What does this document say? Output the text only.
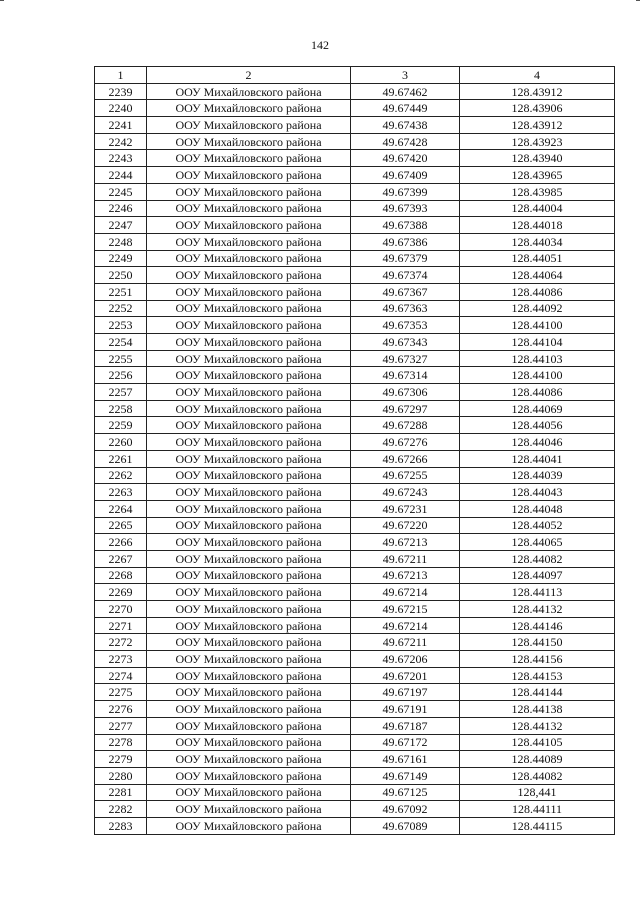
142
1	2	3	4
2239	ООУ Михайловского района	49.67462	128.43912
2240	ООУ Михайловского района	49.67449	128.43906
2241	ООУ Михайловского района	49.67438	128.43912
2242	ООУ Михайловского района	49.67428	128.43923
2243	ООУ Михайловского района	49.67420	128.43940
2244	ООУ Михайловского района	49.67409	128.43965
2245	ООУ Михайловского района	49.67399	128.43985
2246	ООУ Михайловского района	49.67393	128.44004
2247	ООУ Михайловского района	49.67388	128.44018
2248	ООУ Михайловского района	49.67386	128.44034
2249	ООУ Михайловского района	49.67379	128.44051
2250	ООУ Михайловского района	49.67374	128.44064
2251	ООУ Михайловского района	49.67367	128.44086
2252	ООУ Михайловского района	49.67363	128.44092
2253	ООУ Михайловского района	49.67353	128.44100
2254	ООУ Михайловского района	49.67343	128.44104
2255	ООУ Михайловского района	49.67327	128.44103
2256	ООУ Михайловского района	49.67314	128.44100
2257	ООУ Михайловского района	49.67306	128.44086
2258	ООУ Михайловского района	49.67297	128.44069
2259	ООУ Михайловского района	49.67288	128.44056
2260	ООУ Михайловского района	49.67276	128.44046
2261	ООУ Михайловского района	49.67266	128.44041
2262	ООУ Михайловского района	49.67255	128.44039
2263	ООУ Михайловского района	49.67243	128.44043
2264	ООУ Михайловского района	49.67231	128.44048
2265	ООУ Михайловского района	49.67220	128.44052
2266	ООУ Михайловского района	49.67213	128.44065
2267	ООУ Михайловского района	49.67211	128.44082
2268	ООУ Михайловского района	49.67213	128.44097
2269	ООУ Михайловского района	49.67214	128.44113
2270	ООУ Михайловского района	49.67215	128.44132
2271	ООУ Михайловского района	49.67214	128.44146
2272	ООУ Михайловского района	49.67211	128.44150
2273	ООУ Михайловского района	49.67206	128.44156
2274	ООУ Михайловского района	49.67201	128.44153
2275	ООУ Михайловского района	49.67197	128.44144
2276	ООУ Михайловского района	49.67191	128.44138
2277	ООУ Михайловского района	49.67187	128.44132
2278	ООУ Михайловского района	49.67172	128.44105
2279	ООУ Михайловского района	49.67161	128.44089
2280	ООУ Михайловского района	49.67149	128.44082
2281	ООУ Михайловского района	49.67125	128,441
2282	ООУ Михайловского района	49.67092	128.44111
2283	ООУ Михайловского района	49.67089	128.44115
